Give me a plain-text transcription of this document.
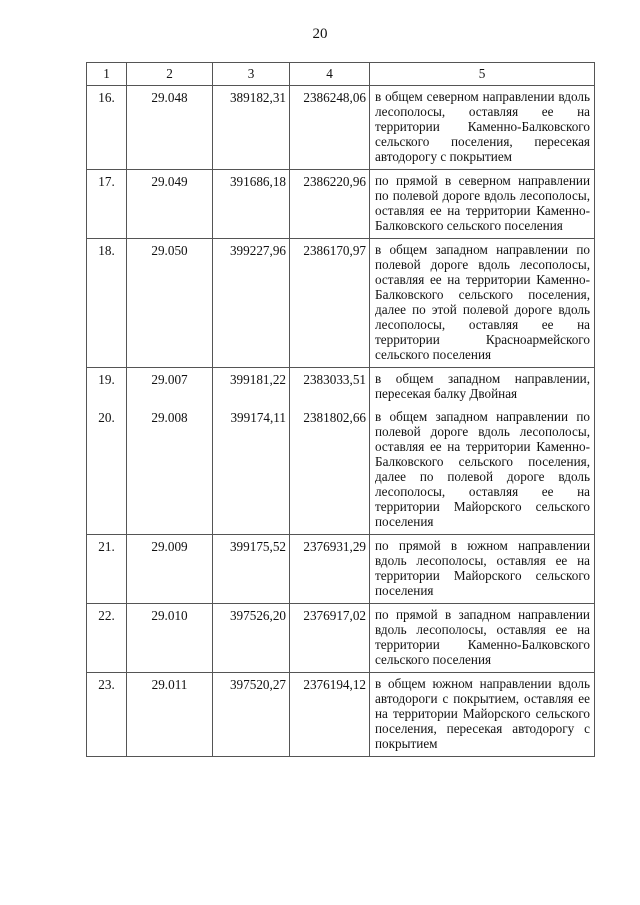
20
1	2	3	4	5
16.	29.048	389182,31	2386248,06	в общем северном направлении вдоль лесополосы, оставляя ее на территории Каменно-Балковского сельского поселения, пересекая автодорогу с покрытием
17.	29.049	391686,18	2386220,96	по прямой в северном направлении по полевой дороге вдоль лесополосы, оставляя ее на территории Каменно-Балковского сельского поселения
18.	29.050	399227,96	2386170,97	в общем западном направлении по полевой дороге вдоль лесополосы, оставляя ее на территории Каменно-Балковского сельского поселения, далее по этой полевой дороге вдоль лесополосы, оставляя ее на территории Красноармейского сельского поселения
19.	29.007	399181,22	2383033,51	в общем западном направлении, пересекая балку Двойная
20.	29.008	399174,11	2381802,66	в общем западном направлении по полевой дороге вдоль лесополосы, оставляя ее на территории Каменно-Балковского сельского поселения, далее по полевой дороге вдоль лесополосы, оставляя ее на территории Майорского сельского поселения
21.	29.009	399175,52	2376931,29	по прямой в южном направлении вдоль лесополосы, оставляя ее на территории Майорского сельского поселения
22.	29.010	397526,20	2376917,02	по прямой в западном направлении вдоль лесополосы, оставляя ее на территории Каменно-Балковского сельского поселения
23.	29.011	397520,27	2376194,12	в общем южном направлении вдоль автодороги с покрытием, оставляя ее на территории Майорского сельского поселения, пересекая автодорогу с покрытием
